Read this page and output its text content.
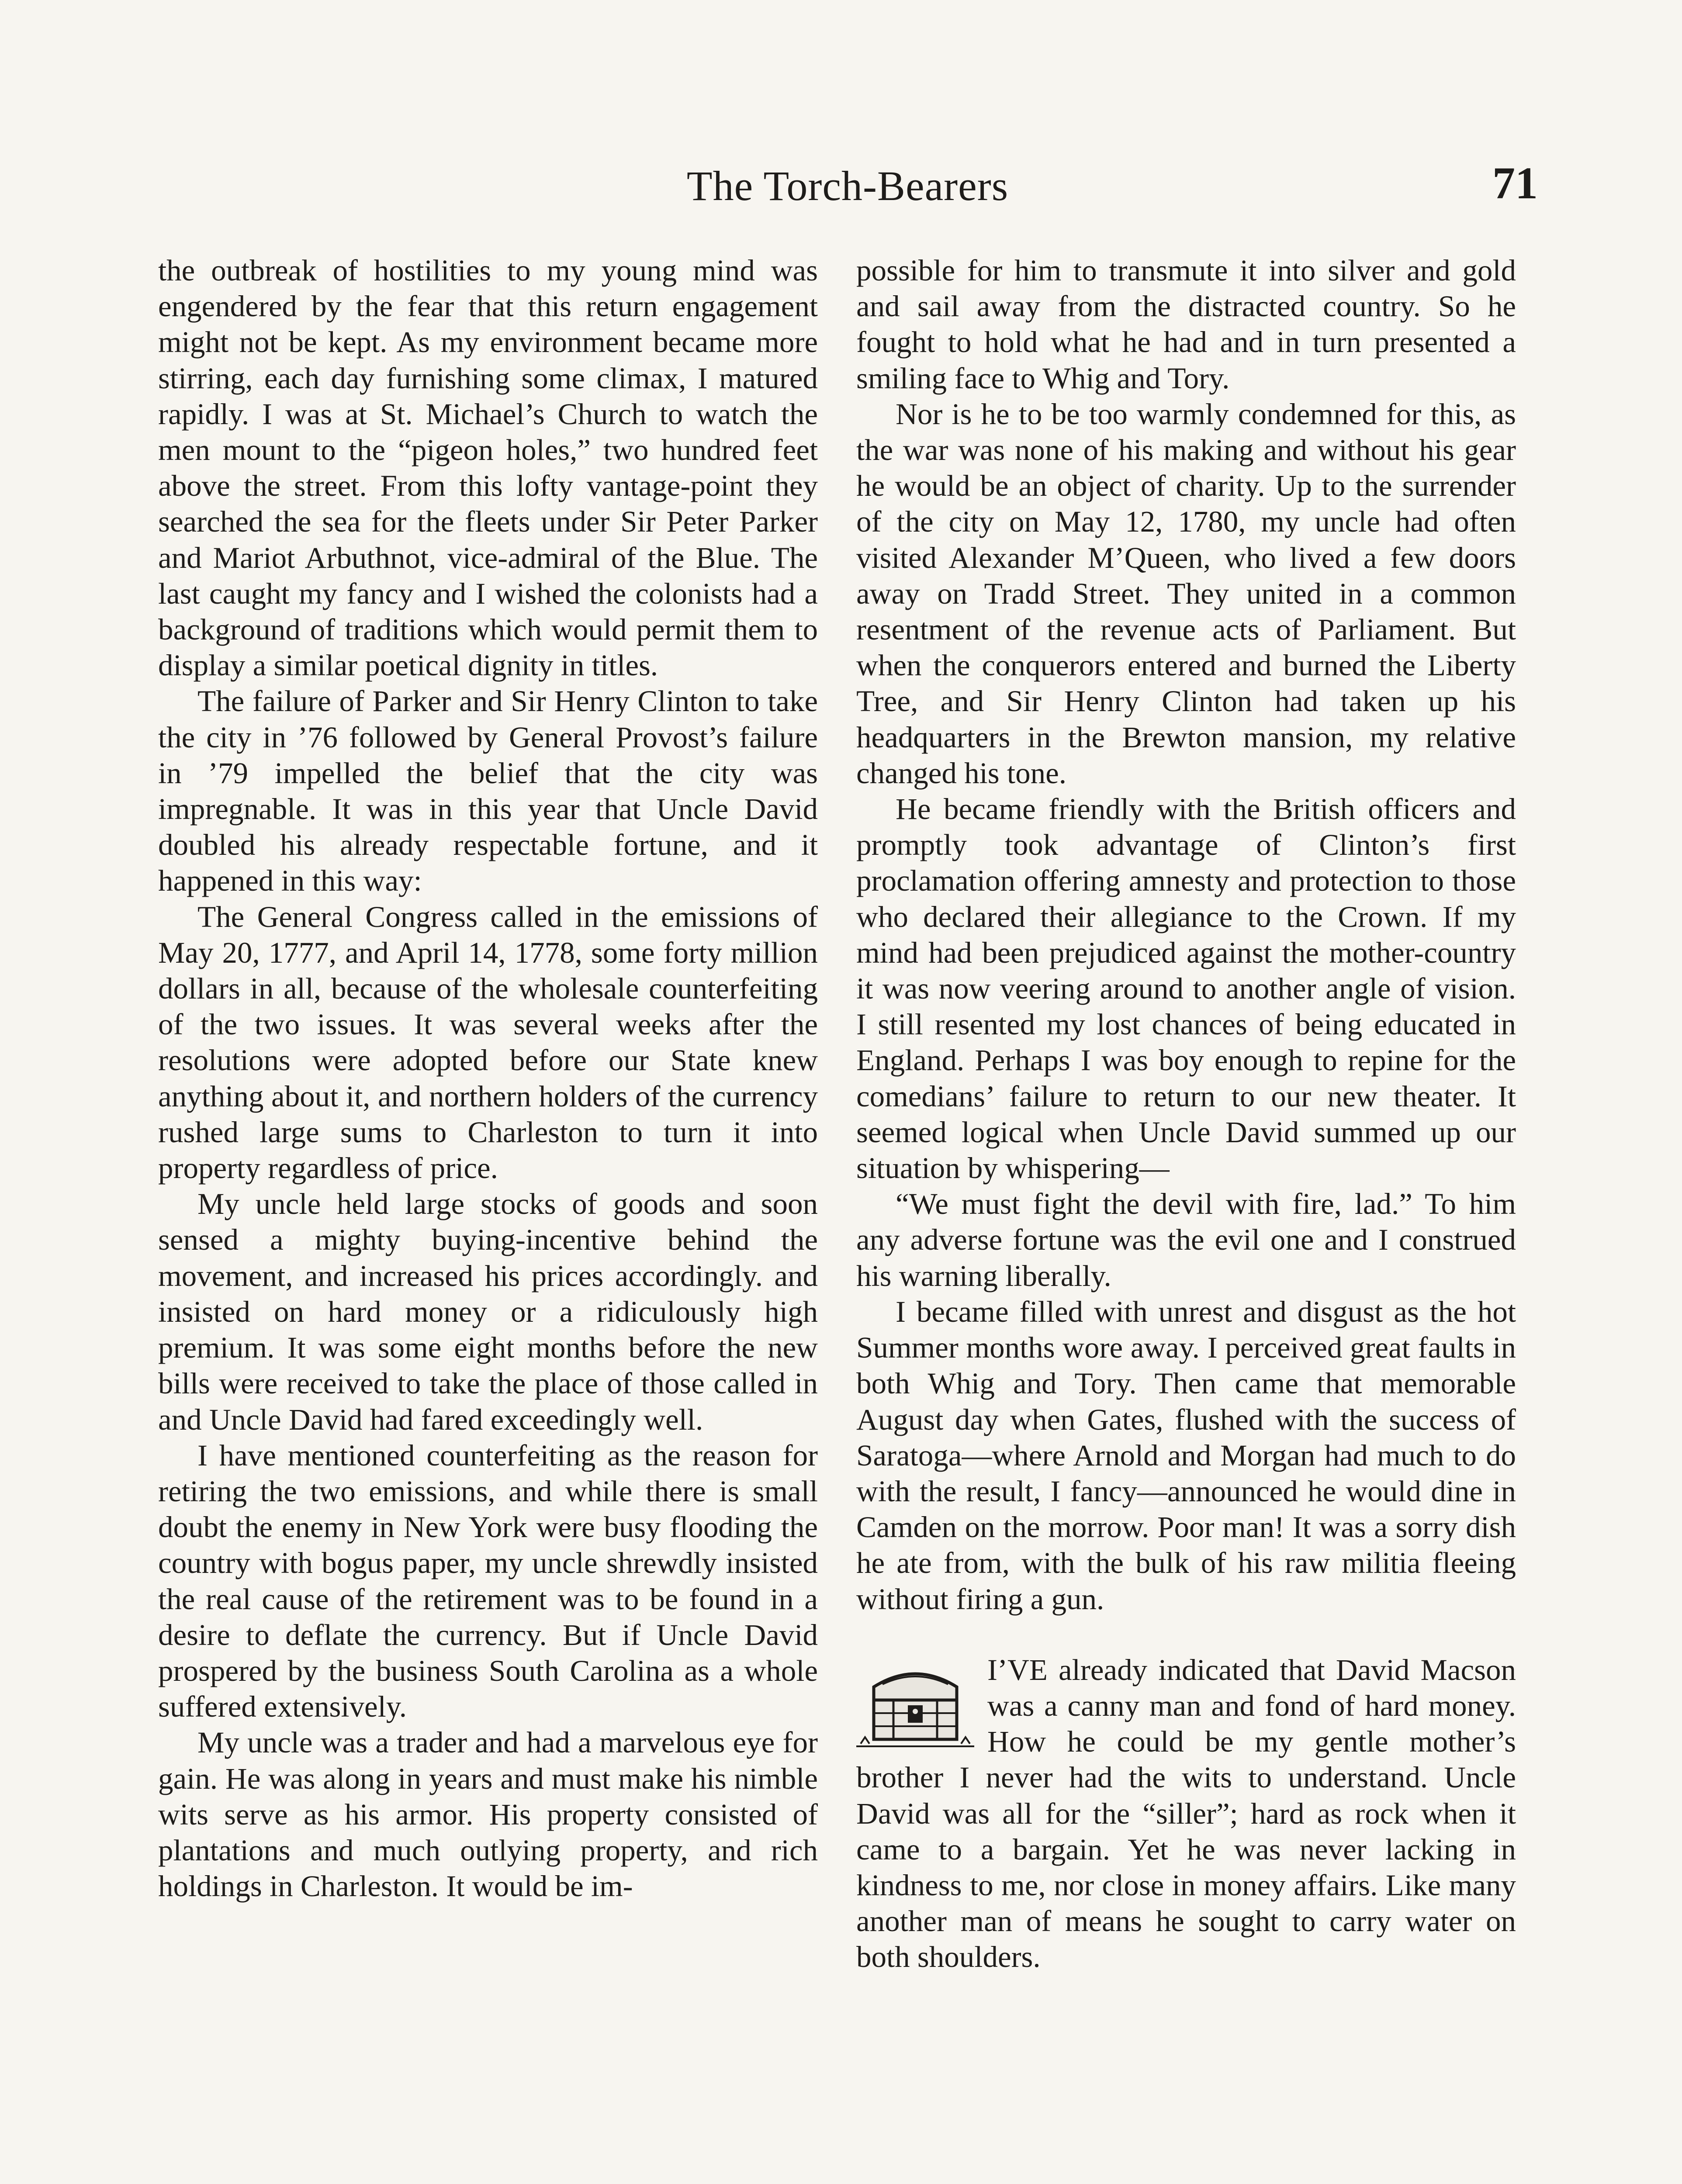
The Torch-Bearers	71

the outbreak of hostilities to my young mind was engendered by the fear that this return engagement might not be kept. As my environment became more stirring, each day furnishing some climax, I matured rapidly. I was at St. Michael’s Church to watch the men mount to the “pigeon holes,” two hundred feet above the street. From this lofty vantage-point they searched the sea for the fleets under Sir Peter Parker and Mariot Arbuthnot, vice-admiral of the Blue. The last caught my fancy and I wished the colonists had a background of traditions which would permit them to display a similar poetical dignity in titles.

The failure of Parker and Sir Henry Clinton to take the city in ’76 followed by General Provost’s failure in ’79 impelled the belief that the city was impregnable. It was in this year that Uncle David doubled his already respectable fortune, and it happened in this way:

The General Congress called in the emissions of May 20, 1777, and April 14, 1778, some forty million dollars in all, because of the wholesale counterfeiting of the two issues. It was several weeks after the resolutions were adopted before our State knew anything about it, and northern holders of the currency rushed large sums to Charleston to turn it into property regardless of price.

My uncle held large stocks of goods and soon sensed a mighty buying-incentive behind the movement, and increased his prices accordingly. and insisted on hard money or a ridiculously high premium. It was some eight months before the new bills were received to take the place of those called in and Uncle David had fared exceedingly well.

I have mentioned counterfeiting as the reason for retiring the two emissions, and while there is small doubt the enemy in New York were busy flooding the country with bogus paper, my uncle shrewdly insisted the real cause of the retirement was to be found in a desire to deflate the currency. But if Uncle David prospered by the business South Carolina as a whole suffered extensively.

My uncle was a trader and had a marvelous eye for gain. He was along in years and must make his nimble wits serve as his armor. His property consisted of plantations and much outlying property, and rich holdings in Charleston. It would be im-

possible for him to transmute it into silver and gold and sail away from the distracted country. So he fought to hold what he had and in turn presented a smiling face to Whig and Tory.

Nor is he to be too warmly condemned for this, as the war was none of his making and without his gear he would be an object of charity. Up to the surrender of the city on May 12, 1780, my uncle had often visited Alexander M’Queen, who lived a few doors away on Tradd Street. They united in a common resentment of the revenue acts of Parliament. But when the conquerors entered and burned the Liberty Tree, and Sir Henry Clinton had taken up his headquarters in the Brewton mansion, my relative changed his tone.

He became friendly with the British officers and promptly took advantage of Clinton’s first proclamation offering amnesty and protection to those who declared their allegiance to the Crown. If my mind had been prejudiced against the mother-country it was now veering around to another angle of vision. I still resented my lost chances of being educated in England. Perhaps I was boy enough to repine for the comedians’ failure to return to our new theater. It seemed logical when Uncle David summed up our situation by whispering—

“We must fight the devil with fire, lad.” To him any adverse fortune was the evil one and I construed his warning liberally.

I became filled with unrest and disgust as the hot Summer months wore away. I perceived great faults in both Whig and Tory. Then came that memorable August day when Gates, flushed with the success of Saratoga—where Arnold and Morgan had much to do with the result, I fancy—announced he would dine in Camden on the morrow. Poor man! It was a sorry dish he ate from, with the bulk of his raw militia fleeing without firing a gun.

I’VE already indicated that David Macson was a canny man and fond of hard money. How he could be my gentle mother’s brother I never had the wits to understand. Uncle David was all for the “siller”; hard as rock when it came to a bargain. Yet he was never lacking in kindness to me, nor close in money affairs. Like many another man of means he sought to carry water on both shoulders.
